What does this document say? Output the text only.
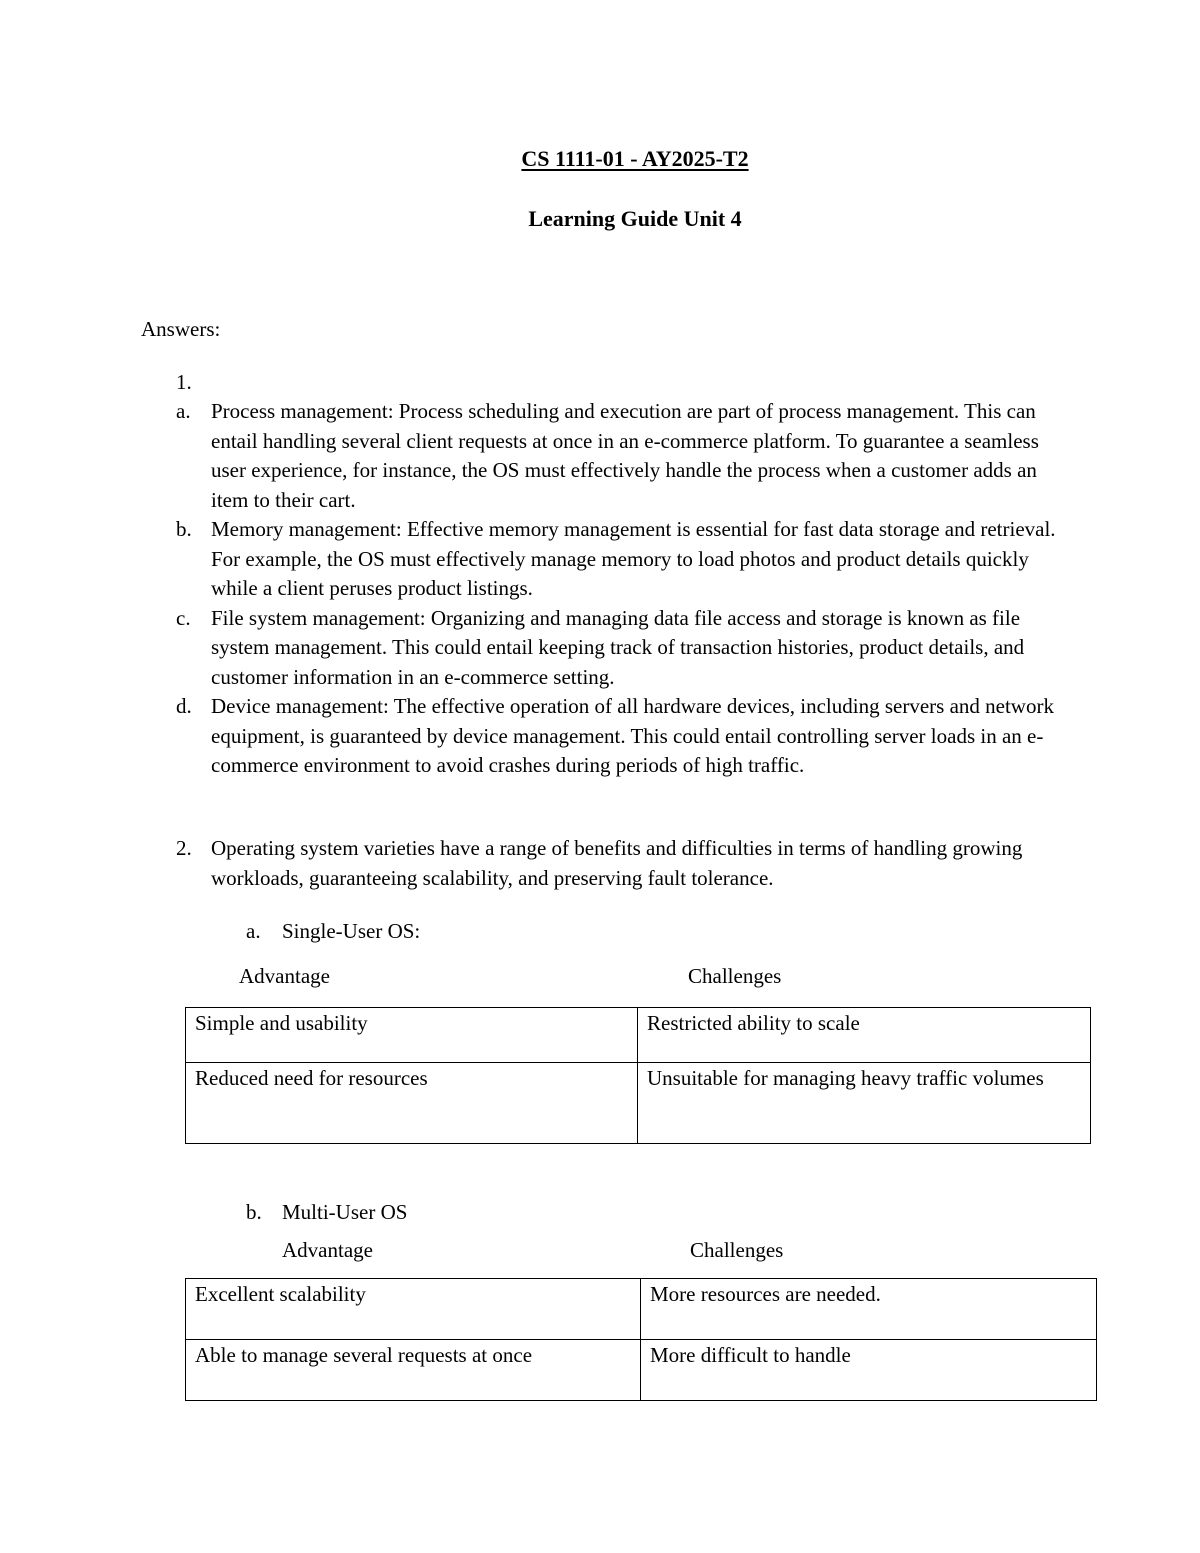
CS 1111-01 - AY2025-T2
Learning Guide Unit 4
Answers:
1.

a. Process management: Process scheduling and execution are part of process management. This can entail handling several client requests at once in an e-commerce platform. To guarantee a seamless user experience, for instance, the OS must effectively handle the process when a customer adds an item to their cart.

b. Memory management: Effective memory management is essential for fast data storage and retrieval. For example, the OS must effectively manage memory to load photos and product details quickly while a client peruses product listings.

c. File system management: Organizing and managing data file access and storage is known as file system management. This could entail keeping track of transaction histories, product details, and customer information in an e-commerce setting.

d. Device management: The effective operation of all hardware devices, including servers and network equipment, is guaranteed by device management. This could entail controlling server loads in an e-commerce environment to avoid crashes during periods of high traffic.

2. Operating system varieties have a range of benefits and difficulties in terms of handling growing workloads, guaranteeing scalability, and preserving fault tolerance.
a.	Single-User OS:
Advantage	Challenges
Simple and usability	Restricted ability to scale
Reduced need for resources	Unsuitable for managing heavy traffic volumes
b. Multi-User OS
Advantage	Challenges
Excellent scalability	More resources are needed.
Able to manage several requests at once	More difficult to handle
